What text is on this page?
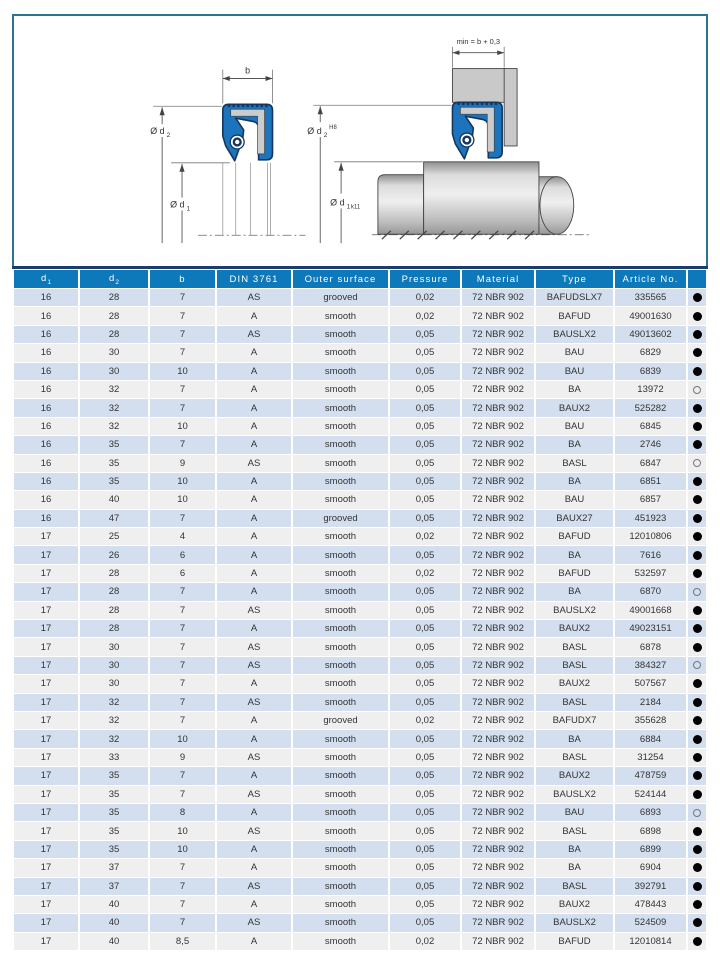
b
Ø d 2
Ø d 1
min = b + 0,3
Ø d 2
H8
Ø d 1 k11
$d_1$	$d_2$	b	DIN 3761	Outer surface	Pressure	Material	Type	Article No.	
16	28	7	AS	grooved	0,02	72 NBR 902	BAFUDSLX7	335565	
16	28	7	A	smooth	0,02	72 NBR 902	BAFUD	49001630	
16	28	7	AS	smooth	0,05	72 NBR 902	BAUSLX2	49013602	
16	30	7	A	smooth	0,05	72 NBR 902	BAU	6829	
16	30	10	A	smooth	0,05	72 NBR 902	BAU	6839	
16	32	7	A	smooth	0,05	72 NBR 902	BA	13972	
16	32	7	A	smooth	0,05	72 NBR 902	BAUX2	525282	
16	32	10	A	smooth	0,05	72 NBR 902	BAU	6845	
16	35	7	A	smooth	0,05	72 NBR 902	BA	2746	
16	35	9	AS	smooth	0,05	72 NBR 902	BASL	6847	
16	35	10	A	smooth	0,05	72 NBR 902	BA	6851	
16	40	10	A	smooth	0,05	72 NBR 902	BAU	6857	
16	47	7	A	grooved	0,05	72 NBR 902	BAUX27	451923	
17	25	4	A	smooth	0,02	72 NBR 902	BAFUD	12010806	
17	26	6	A	smooth	0,05	72 NBR 902	BA	7616	
17	28	6	A	smooth	0,02	72 NBR 902	BAFUD	532597	
17	28	7	A	smooth	0,05	72 NBR 902	BA	6870	
17	28	7	AS	smooth	0,05	72 NBR 902	BAUSLX2	49001668	
17	28	7	A	smooth	0,05	72 NBR 902	BAUX2	49023151	
17	30	7	AS	smooth	0,05	72 NBR 902	BASL	6878	
17	30	7	AS	smooth	0,05	72 NBR 902	BASL	384327	
17	30	7	A	smooth	0,05	72 NBR 902	BAUX2	507567	
17	32	7	AS	smooth	0,05	72 NBR 902	BASL	2184	
17	32	7	A	grooved	0,02	72 NBR 902	BAFUDX7	355628	
17	32	10	A	smooth	0,05	72 NBR 902	BA	6884	
17	33	9	AS	smooth	0,05	72 NBR 902	BASL	31254	
17	35	7	A	smooth	0,05	72 NBR 902	BAUX2	478759	
17	35	7	AS	smooth	0,05	72 NBR 902	BAUSLX2	524144	
17	35	8	A	smooth	0,05	72 NBR 902	BAU	6893	
17	35	10	AS	smooth	0,05	72 NBR 902	BASL	6898	
17	35	10	A	smooth	0,05	72 NBR 902	BA	6899	
17	37	7	A	smooth	0,05	72 NBR 902	BA	6904	
17	37	7	AS	smooth	0,05	72 NBR 902	BASL	392791	
17	40	7	A	smooth	0,05	72 NBR 902	BAUX2	478443	
17	40	7	AS	smooth	0,05	72 NBR 902	BAUSLX2	524509	
17	40	8,5	A	smooth	0,02	72 NBR 902	BAFUD	12010814	
